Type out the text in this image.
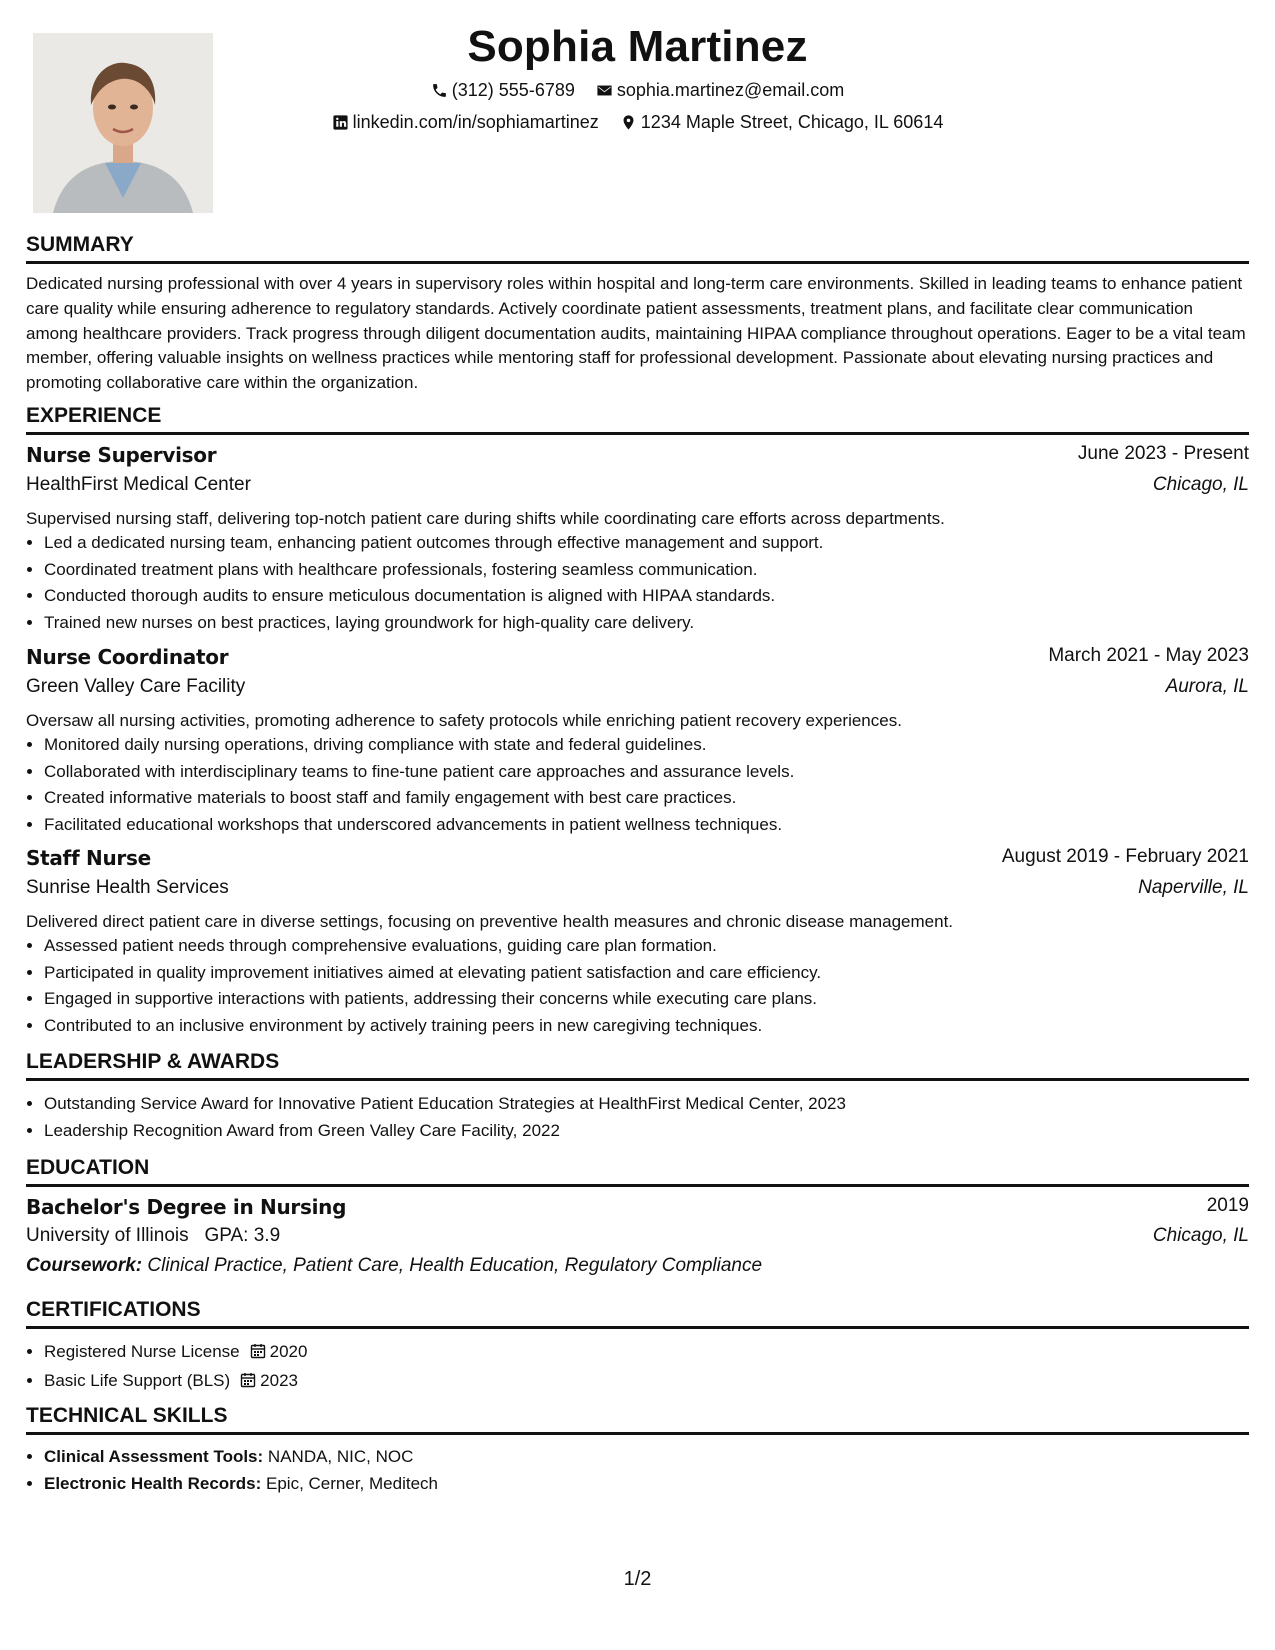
Sophia Martinez
(312) 555-6789
sophia.martinez@email.com
linkedin.com/in/sophiamartinez
1234 Maple Street, Chicago, IL 60614
SUMMARY
Dedicated nursing professional with over 4 years in supervisory roles within hospital and long-term care environments. Skilled in leading teams to enhance patient care quality while ensuring adherence to regulatory standards. Actively coordinate patient assessments, treatment plans, and facilitate clear communication among healthcare providers. Track progress through diligent documentation audits, maintaining HIPAA compliance throughout operations. Eager to be a vital team member, offering valuable insights on wellness practices while mentoring staff for professional development. Passionate about elevating nursing practices and promoting collaborative care within the organization.
EXPERIENCE
Nurse Supervisor	June 2023 - Present
HealthFirst Medical Center	Chicago, IL
Supervised nursing staff, delivering top-notch patient care during shifts while coordinating care efforts across departments.
• Led a dedicated nursing team, enhancing patient outcomes through effective management and support.
• Coordinated treatment plans with healthcare professionals, fostering seamless communication.
• Conducted thorough audits to ensure meticulous documentation is aligned with HIPAA standards.
• Trained new nurses on best practices, laying groundwork for high-quality care delivery.
Nurse Coordinator	March 2021 - May 2023
Green Valley Care Facility	Aurora, IL
Oversaw all nursing activities, promoting adherence to safety protocols while enriching patient recovery experiences.
• Monitored daily nursing operations, driving compliance with state and federal guidelines.
• Collaborated with interdisciplinary teams to fine-tune patient care approaches and assurance levels.
• Created informative materials to boost staff and family engagement with best care practices.
• Facilitated educational workshops that underscored advancements in patient wellness techniques.
Staff Nurse	August 2019 - February 2021
Sunrise Health Services	Naperville, IL
Delivered direct patient care in diverse settings, focusing on preventive health measures and chronic disease management.
• Assessed patient needs through comprehensive evaluations, guiding care plan formation.
• Participated in quality improvement initiatives aimed at elevating patient satisfaction and care efficiency.
• Engaged in supportive interactions with patients, addressing their concerns while executing care plans.
• Contributed to an inclusive environment by actively training peers in new caregiving techniques.
LEADERSHIP & AWARDS
• Outstanding Service Award for Innovative Patient Education Strategies at HealthFirst Medical Center, 2023
• Leadership Recognition Award from Green Valley Care Facility, 2022
EDUCATION
Bachelor's Degree in Nursing	2019
University of Illinois GPA: 3.9	Chicago, IL
Coursework: Clinical Practice, Patient Care, Health Education, Regulatory Compliance
CERTIFICATIONS
• Registered Nurse License 2020
• Basic Life Support (BLS) 2023
TECHNICAL SKILLS
• Clinical Assessment Tools: NANDA, NIC, NOC
• Electronic Health Records: Epic, Cerner, Meditech
1/2
